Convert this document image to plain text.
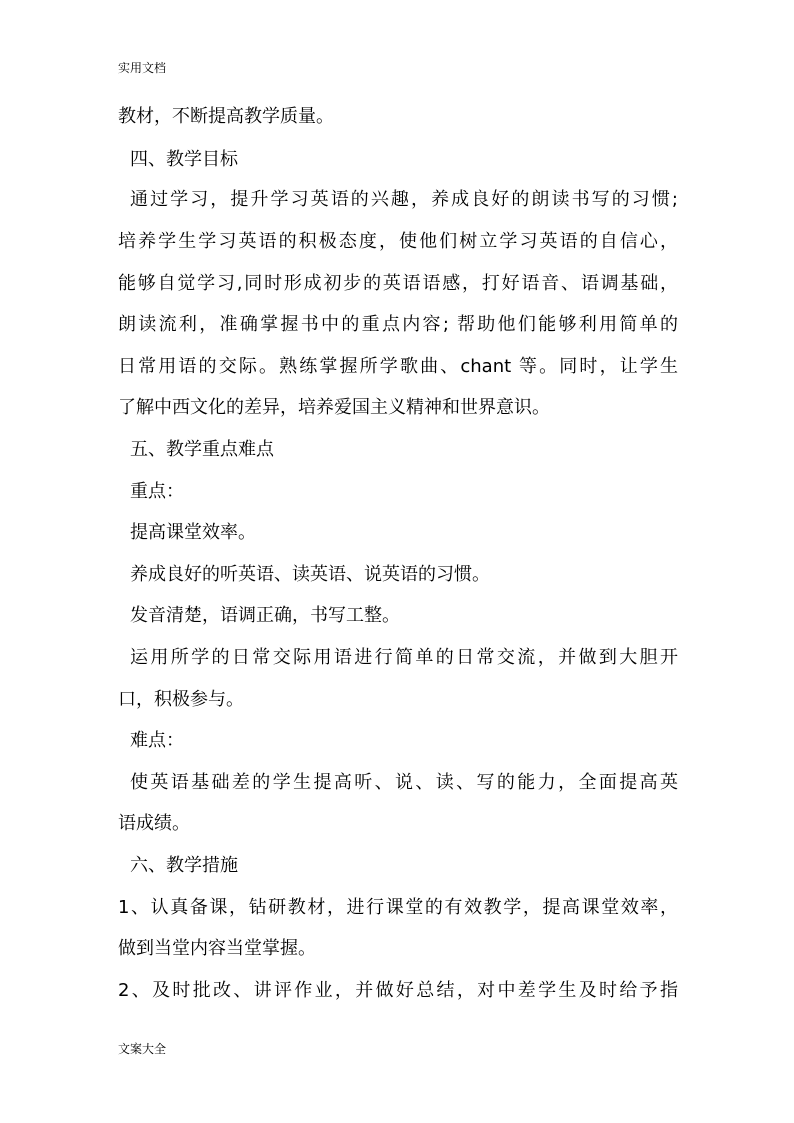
实用文档
教材，不断提高教学质量。
四、教学目标
通过学习，提升学习英语的兴趣，养成良好的朗读书写的习惯;
培养学生学习英语的积极态度，使他们树立学习英语的自信心，
能够自觉学习,同时形成初步的英语语感，打好语音、语调基础，
朗读流利，准确掌握书中的重点内容; 帮助他们能够利用简单的
日常用语的交际。熟练掌握所学歌曲、chant 等。同时，让学生
了解中西文化的差异，培养爱国主义精神和世界意识。
五、教学重点难点
重点：
提高课堂效率。
养成良好的听英语、读英语、说英语的习惯。
发音清楚，语调正确，书写工整。
运用所学的日常交际用语进行简单的日常交流，并做到大胆开
口，积极参与。
难点：
使英语基础差的学生提高听、说、读、写的能力，全面提高英
语成绩。
六、教学措施
1、认真备课，钻研教材，进行课堂的有效教学，提高课堂效率，
做到当堂内容当堂掌握。
2、及时批改、讲评作业，并做好总结，对中差学生及时给予指
文案大全
